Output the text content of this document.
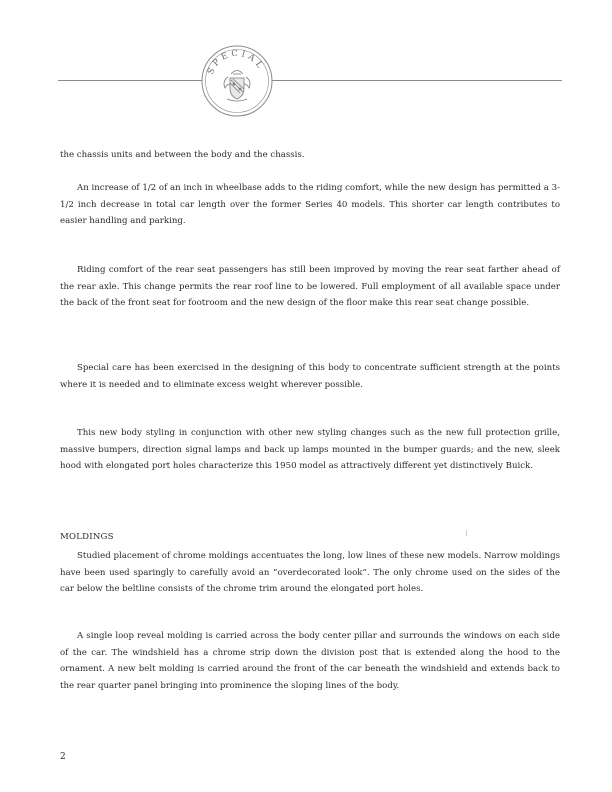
SPECIAL

the chassis units and between the body and the chassis.

An increase of 1/2 of an inch in wheelbase adds to the riding comfort, while the new design has permitted a 3-1/2 inch decrease in total car length over the former Series 40 models. This shorter car length contributes to easier handling and parking.

Riding comfort of the rear seat passengers has still been improved by moving the rear seat farther ahead of the rear axle. This change permits the rear roof line to be lowered. Full employment of all available space under the back of the front seat for footroom and the new design of the floor make this rear seat change possible.

Special care has been exercised in the designing of this body to concentrate sufficient strength at the points where it is needed and to eliminate excess weight wherever possible.

This new body styling in conjunction with other new styling changes such as the new full protection grille, massive bumpers, direction signal lamps and back up lamps mounted in the bumper guards; and the new, sleek hood with elongated port holes characterize this 1950 model as attractively different yet distinctively Buick.

MOLDINGS

Studied placement of chrome moldings accentuates the long, low lines of these new models. Narrow moldings have been used sparingly to carefully avoid an “overdecorated look”. The only chrome used on the sides of the car below the beltline consists of the chrome trim around the elongated port holes.

A single loop reveal molding is carried across the body center pillar and surrounds the windows on each side of the car. The windshield has a chrome strip down the division post that is extended along the hood to the ornament. A new belt molding is carried around the front of the car beneath the windshield and extends back to the rear quarter panel bringing into prominence the sloping lines of the body.

2
